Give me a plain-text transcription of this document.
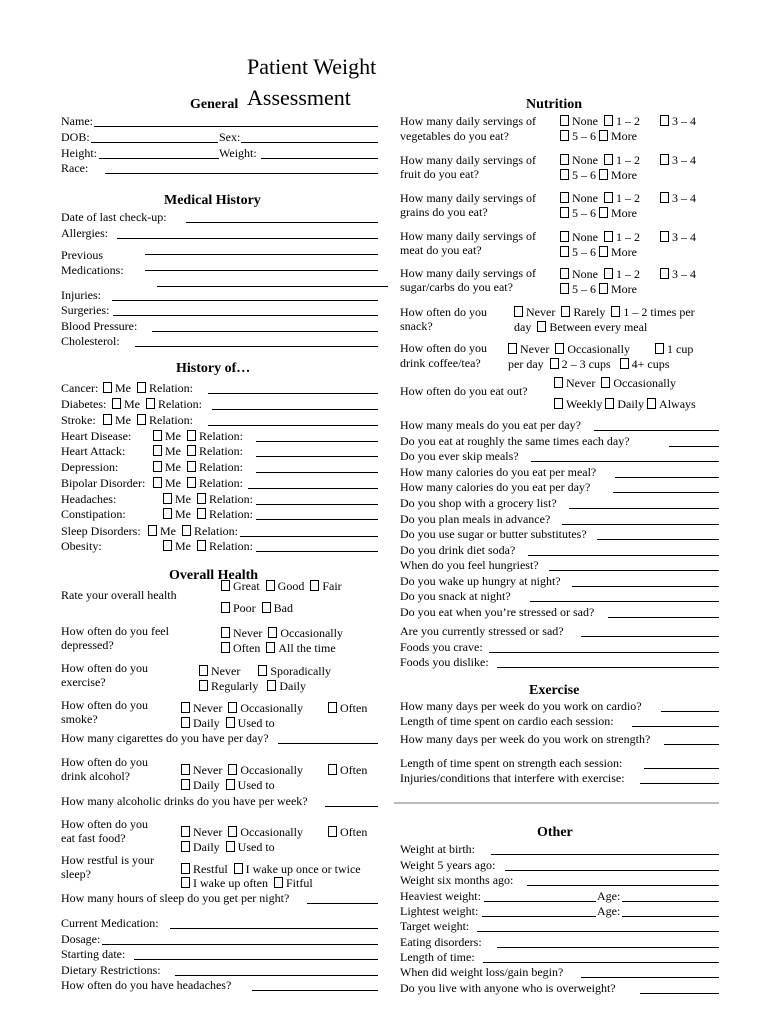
Patient Weight
Assessment
General
Name:
DOB:	Sex:
Height:	Weight:
Race:
Medical History
Date of last check-up:
Allergies:
Previous
Medications:
Injuries:
Surgeries:
Blood Pressure:
Cholesterol:
History of…
Cancer:	Me Relation:
Diabetes:	Me Relation:
Stroke:	Me Relation:
Heart Disease:	Me Relation:
Heart Attack:	Me Relation:
Depression:	Me Relation:
Bipolar Disorder:	Me Relation:
Headaches:	Me Relation:
Constipation:	Me Relation:
Sleep Disorders:	Me Relation:
Obesity:	Me Relation:
Overall Health
Rate your overall health
Great Good Fair
Poor Bad
How often do you feel
depressed?
Never Occasionally
Often All the time
How often do you
exercise?
Never	Sporadically
Regularly Daily
How often do you
smoke?
Never Occasionally	Often
Daily Used to
How many cigarettes do you have per day?
How often do you
drink alcohol?	Never Occasionally	Often
Daily Used to
How many alcoholic drinks do you have per week?
How often do you
eat fast food?	Never Occasionally	Often
Daily Used to
How restful is your
sleep?	Restful I wake up once or twice
I wake up often Fitful
How many hours of sleep do you get per night?
Current Medication:
Dosage:
Starting date:
Dietary Restrictions:
How often do you have headaches?
Nutrition
How many daily servings of
vegetables do you eat?
None 1 – 2	3 – 4
5 – 6 More
How many daily servings of
fruit do you eat?
None 1 – 2	3 – 4
5 – 6 More
How many daily servings of
grains do you eat?
None 1 – 2	3 – 4
5 – 6 More
How many daily servings of
meat do you eat?
None 1 – 2	3 – 4
5 – 6 More
How many daily servings of
sugar/carbs do you eat?
None 1 – 2	3 – 4
5 – 6 More
How often do you
snack?
Never Rarely 1 – 2 times per
day Between every meal
How often do you
drink coffee/tea?
Never Occasionally	1 cup
per day 2 – 3 cups 4+ cups
How often do you eat out?
Never Occasionally
Weekly Daily Always
How many meals do you eat per day?
Do you eat at roughly the same times each day?
Do you ever skip meals?
How many calories do you eat per meal?
How many calories do you eat per day?
Do you shop with a grocery list?
Do you plan meals in advance?
Do you use sugar or butter substitutes?
Do you drink diet soda?
When do you feel hungriest?
Do you wake up hungry at night?
Do you snack at night?
Do you eat when you’re stressed or sad?
Are you currently stressed or sad?
Foods you crave:
Foods you dislike:
Exercise
How many days per week do you work on cardio?
Length of time spent on cardio each session:
How many days per week do you work on strength?
Length of time spent on strength each session:
Injuries/conditions that interfere with exercise:
Other
Weight at birth:
Weight 5 years ago:
Weight six months ago:
Heaviest weight:	Age:
Lightest weight:	Age:
Target weight:
Eating disorders:
Length of time:
When did weight loss/gain begin?
Do you live with anyone who is overweight?
